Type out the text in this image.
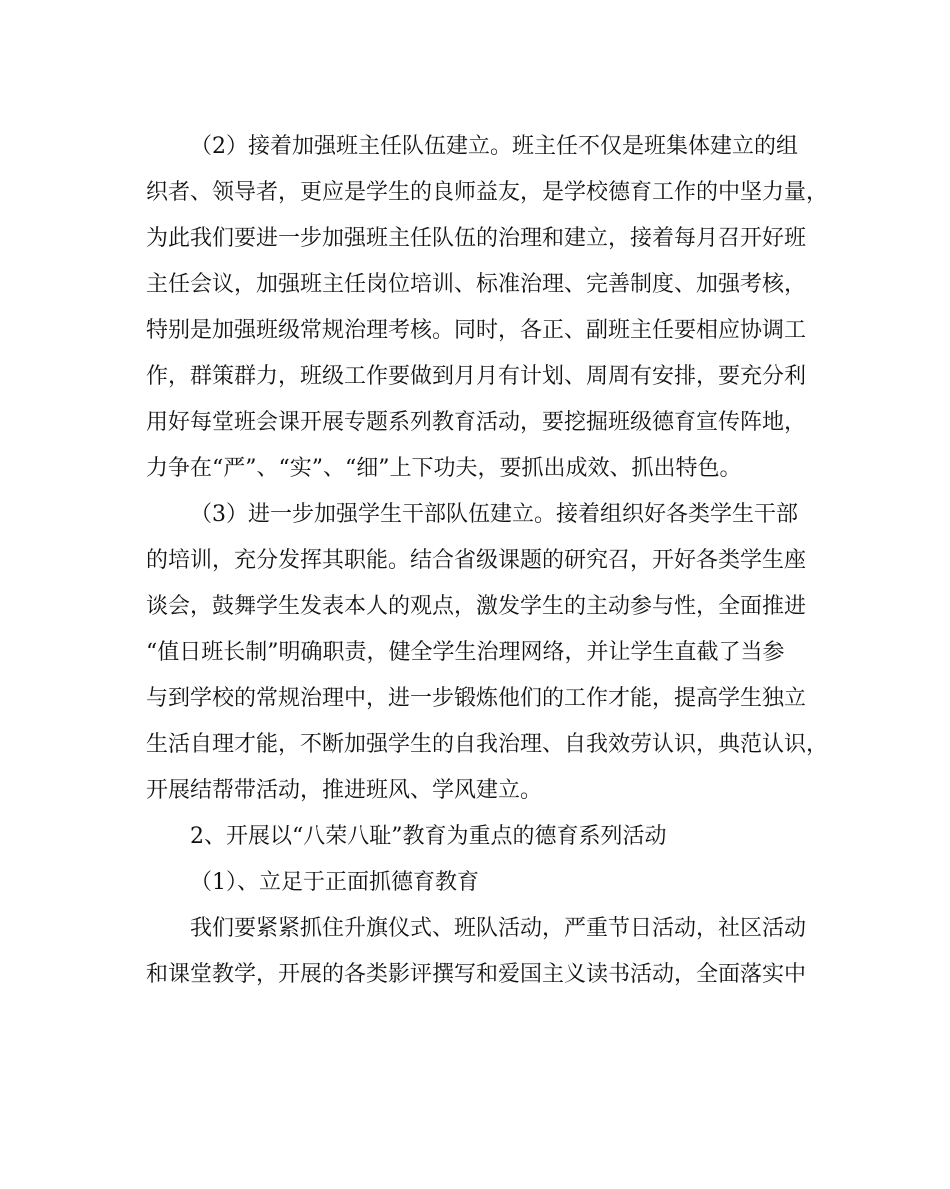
（2）接着加强班主任队伍建立。班主任不仅是班集体建立的组

织者、领导者，更应是学生的良师益友，是学校德育工作的中坚力量，

为此我们要进一步加强班主任队伍的治理和建立，接着每月召开好班

主任会议，加强班主任岗位培训、标准治理、完善制度、加强考核，

特别是加强班级常规治理考核。同时，各正、副班主任要相应协调工

作，群策群力，班级工作要做到月月有计划、周周有安排，要充分利

用好每堂班会课开展专题系列教育活动，要挖掘班级德育宣传阵地，

力争在“严”、“实”、“细”上下功夫，要抓出成效、抓出特色。

（3）进一步加强学生干部队伍建立。接着组织好各类学生干部

的培训，充分发挥其职能。结合省级课题的研究召，开好各类学生座

谈会，鼓舞学生发表本人的观点，激发学生的主动参与性，全面推进

“值日班长制”明确职责，健全学生治理网络，并让学生直截了当参

与到学校的常规治理中，进一步锻炼他们的工作才能，提高学生独立

生活自理才能，不断加强学生的自我治理、自我效劳认识，典范认识，

开展结帮带活动，推进班风、学风建立。

2、开展以“八荣八耻”教育为重点的德育系列活动

（1）、立足于正面抓德育教育

我们要紧紧抓住升旗仪式、班队活动，严重节日活动，社区活动

和课堂教学，开展的各类影评撰写和爱国主义读书活动，全面落实中
